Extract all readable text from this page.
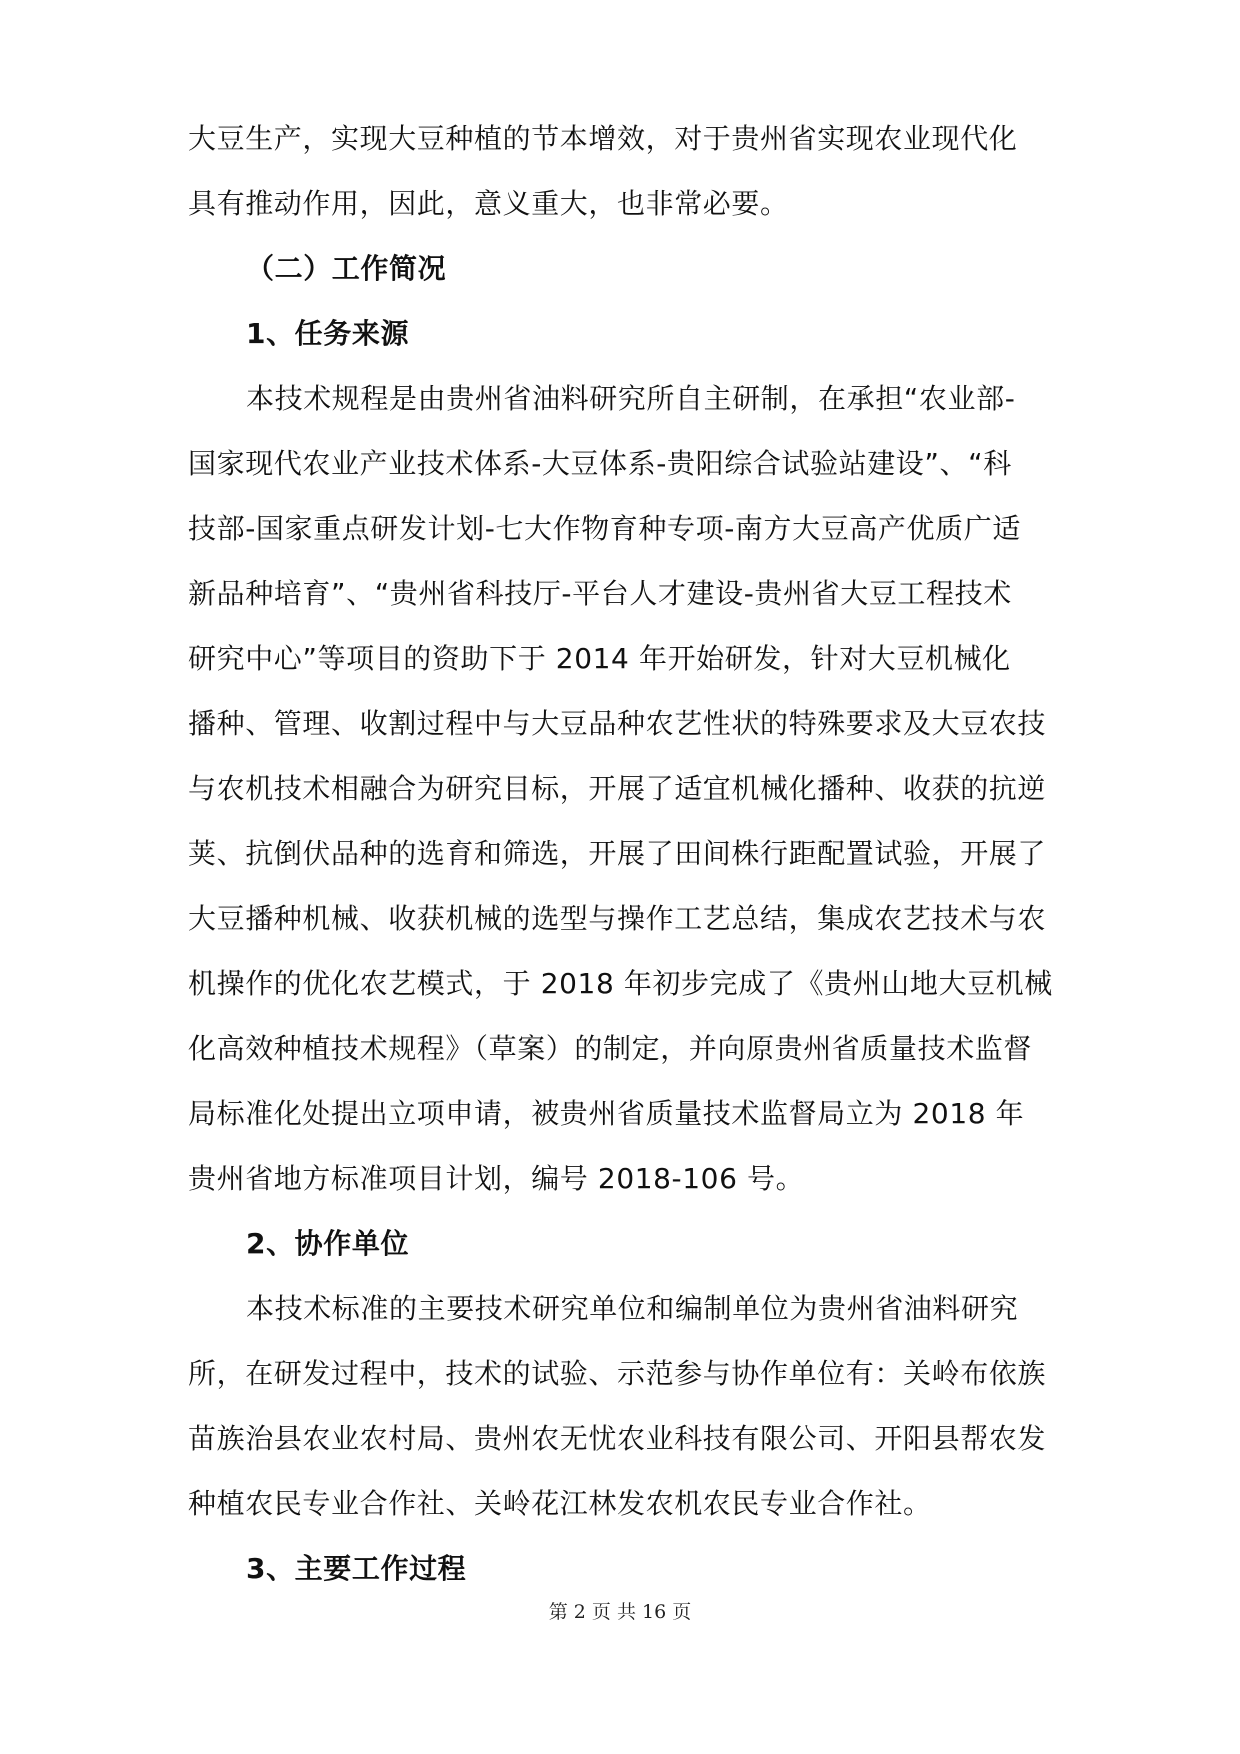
大豆生产，实现大豆种植的节本增效，对于贵州省实现农业现代化
具有推动作用，因此，意义重大，也非常必要。
（二）工作简况
1、任务来源
本技术规程是由贵州省油料研究所自主研制，在承担“农业部-
国家现代农业产业技术体系-大豆体系-贵阳综合试验站建设”、“科
技部-国家重点研发计划-七大作物育种专项-南方大豆高产优质广适
新品种培育”、“贵州省科技厅-平台人才建设-贵州省大豆工程技术
研究中心”等项目的资助下于 2014 年开始研发，针对大豆机械化
播种、管理、收割过程中与大豆品种农艺性状的特殊要求及大豆农技
与农机技术相融合为研究目标，开展了适宜机械化播种、收获的抗逆
荚、抗倒伏品种的选育和筛选，开展了田间株行距配置试验，开展了
大豆播种机械、收获机械的选型与操作工艺总结，集成农艺技术与农
机操作的优化农艺模式，于 2018 年初步完成了《贵州山地大豆机械
化高效种植技术规程》（草案）的制定，并向原贵州省质量技术监督
局标准化处提出立项申请，被贵州省质量技术监督局立为 2018 年
贵州省地方标准项目计划，编号 2018-106 号。
2、协作单位
本技术标准的主要技术研究单位和编制单位为贵州省油料研究
所，在研发过程中，技术的试验、示范参与协作单位有：关岭布依族
苗族治县农业农村局、贵州农无忧农业科技有限公司、开阳县帮农发
种植农民专业合作社、关岭花江林发农机农民专业合作社。
3、主要工作过程
第 2 页 共 16 页
